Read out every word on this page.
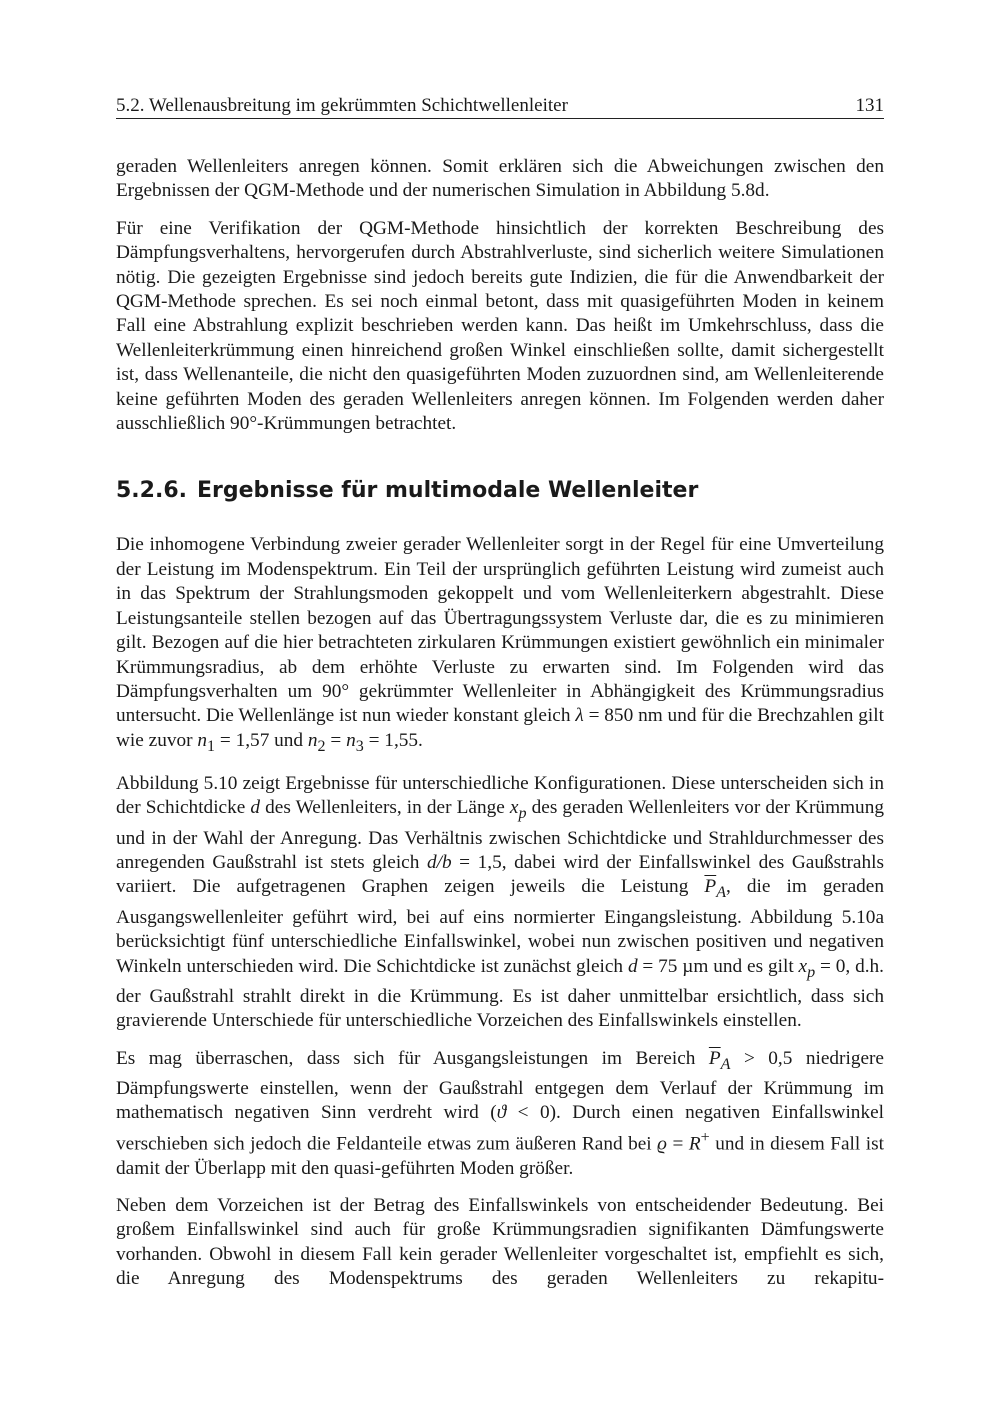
5.2. Wellenausbreitung im gekrümmten Schichtwellenleiter	131

geraden Wellenleiters anregen können. Somit erklären sich die Abweichungen zwischen den Ergebnissen der QGM-Methode und der numerischen Simulation in Abbildung 5.8d.

Für eine Verifikation der QGM-Methode hinsichtlich der korrekten Beschreibung des Dämpfungsverhaltens, hervorgerufen durch Abstrahlverluste, sind sicherlich weitere Simulationen nötig. Die gezeigten Ergebnisse sind jedoch bereits gute Indizien, die für die Anwendbarkeit der QGM-Methode sprechen. Es sei noch einmal betont, dass mit quasigeführten Moden in keinem Fall eine Abstrahlung explizit beschrieben werden kann. Das heißt im Umkehrschluss, dass die Wellenleiterkrümmung einen hinreichend großen Winkel einschließen sollte, damit sichergestellt ist, dass Wellenanteile, die nicht den quasigeführten Moden zuzuordnen sind, am Wellenleiterende keine geführten Moden des geraden Wellenleiters anregen können. Im Folgenden werden daher ausschließlich 90°-Krümmungen betrachtet.

5.2.6. Ergebnisse für multimodale Wellenleiter

Die inhomogene Verbindung zweier gerader Wellenleiter sorgt in der Regel für eine Umverteilung der Leistung im Modenspektrum. Ein Teil der ursprünglich geführten Leistung wird zumeist auch in das Spektrum der Strahlungsmoden gekoppelt und vom Wellenleiterkern abgestrahlt. Diese Leistungsanteile stellen bezogen auf das Übertragungssystem Verluste dar, die es zu minimieren gilt. Bezogen auf die hier betrachteten zirkularen Krümmungen existiert gewöhnlich ein minimaler Krümmungsradius, ab dem erhöhte Verluste zu erwarten sind. Im Folgenden wird das Dämpfungsverhalten um 90° gekrümmter Wellenleiter in Abhängigkeit des Krümmungsradius untersucht. Die Wellenlänge ist nun wieder konstant gleich λ = 850 nm und für die Brechzahlen gilt wie zuvor $n_1 = 1,57$ und $n_2 = n_3 = 1,55$.

Abbildung 5.10 zeigt Ergebnisse für unterschiedliche Konfigurationen. Diese unterscheiden sich in der Schichtdicke d des Wellenleiters, in der Länge $x_p$ des geraden Wellenleiters vor der Krümmung und in der Wahl der Anregung. Das Verhältnis zwischen Schichtdicke und Strahldurchmesser des anregenden Gaußstrahl ist stets gleich d/b = 1,5, dabei wird der Einfallswinkel des Gaußstrahls variiert. Die aufgetragenen Graphen zeigen jeweils die Leistung $\overline{P}_A$, die im geraden Ausgangswellenleiter geführt wird, bei auf eins normierter Eingangsleistung. Abbildung 5.10a berücksichtigt fünf unterschiedliche Einfallswinkel, wobei nun zwischen positiven und negativen Winkeln unterschieden wird. Die Schichtdicke ist zunächst gleich d = 75 µm und es gilt $x_p = 0$, d.h. der Gaußstrahl strahlt direkt in die Krümmung. Es ist daher unmittelbar ersichtlich, dass sich gravierende Unterschiede für unterschiedliche Vorzeichen des Einfallswinkels einstellen.

Es mag überraschen, dass sich für Ausgangsleistungen im Bereich $\overline{P}_A > 0,5$ niedrigere Dämpfungswerte einstellen, wenn der Gaußstrahl entgegen dem Verlauf der Krümmung im mathematisch negativen Sinn verdreht wird (ϑ < 0). Durch einen negativen Einfallswinkel verschieben sich jedoch die Feldanteile etwas zum äußeren Rand bei ϱ = R+ und in diesem Fall ist damit der Überlapp mit den quasi-geführten Moden größer.

Neben dem Vorzeichen ist der Betrag des Einfallswinkels von entscheidender Bedeutung. Bei großem Einfallswinkel sind auch für große Krümmungsradien signifikanten Dämfungswerte vorhanden. Obwohl in diesem Fall kein gerader Wellenleiter vorgeschaltet ist, empfiehlt es sich, die Anregung des Modenspektrums des geraden Wellenleiters zu rekapitu-
